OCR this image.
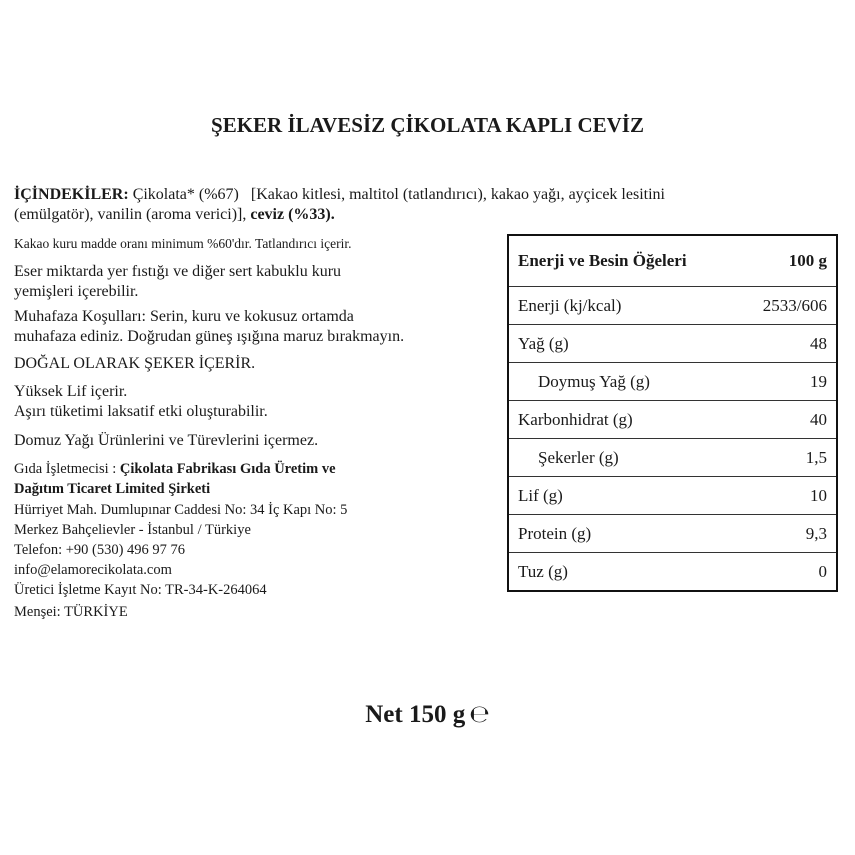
ŞEKER İLAVESİZ ÇİKOLATA KAPLI CEVİZ
İÇİNDEKİLER: Çikolata* (%67)   [Kakao kitlesi, maltitol (tatlandırıcı), kakao yağı, ayçicek lesitini
(emülgatör), vanilin (aroma verici)], ceviz (%33).
Kakao kuru madde oranı minimum %60'dır. Tatlandırıcı içerir.
Eser miktarda yer fıstığı ve diğer sert kabuklu kuru
yemişleri içerebilir.
Muhafaza Koşulları: Serin, kuru ve kokusuz ortamda
muhafaza ediniz. Doğrudan güneş ışığına maruz bırakmayın.
DOĞAL OLARAK ŞEKER İÇERİR.
Yüksek Lif içerir.
Aşırı tüketimi laksatif etki oluşturabilir.
Domuz Yağı Ürünlerini ve Türevlerini içermez.
Gıda İşletmecisi : Çikolata Fabrikası Gıda Üretim ve
Dağıtım Ticaret Limited Şirketi
Hürriyet Mah. Dumlupınar Caddesi No: 34 İç Kapı No: 5
Merkez Bahçelievler - İstanbul / Türkiye
Telefon: +90 (530) 496 97 76
info@elamorecikolata.com
Üretici İşletme Kayıt No: TR-34-K-264064
Menşei: TÜRKİYE
Enerji ve Besin Öğeleri	100 g
Enerji (kj/kcal)	2533/606
Yağ (g)	48
Doymuş Yağ (g)	19
Karbonhidrat (g)	40
Şekerler (g)	1,5
Lif (g)	10
Protein (g)	9,3
Tuz (g)	0
Net 150 g ℮
